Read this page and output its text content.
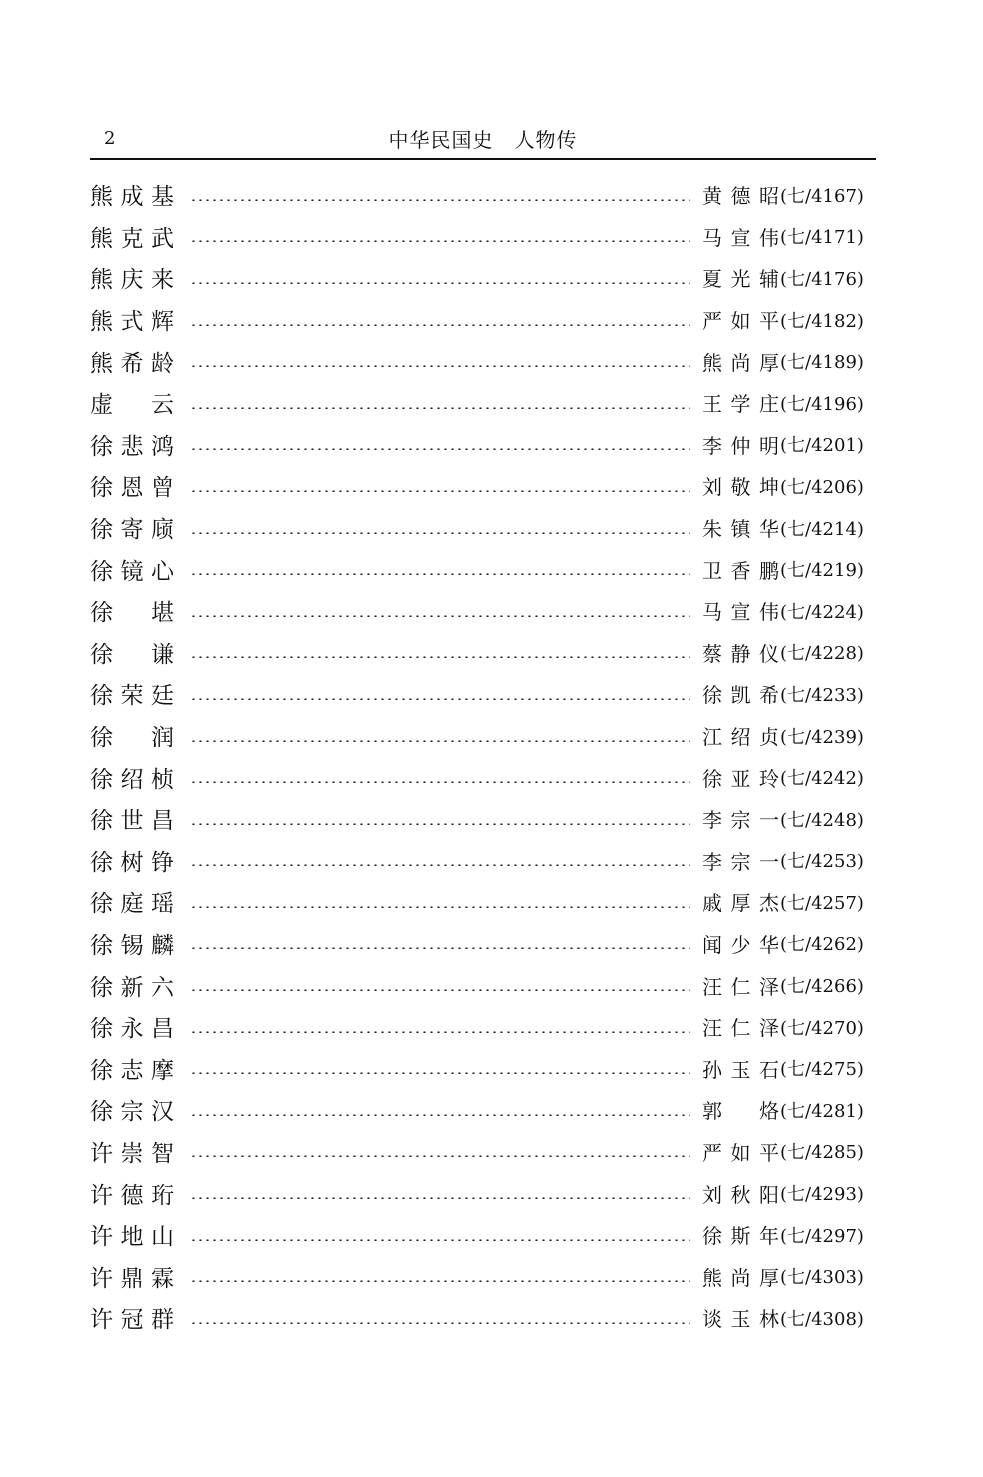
2	中华民国史　人物传
熊成基	黄德昭 (七/4167)
熊克武	马宣伟 (七/4171)
熊庆来	夏光辅 (七/4176)
熊式辉	严如平 (七/4182)
熊希龄	熊尚厚 (七/4189)
虚　云	王学庄 (七/4196)
徐悲鸿	李仲明 (七/4201)
徐恩曾	刘敬坤 (七/4206)
徐寄庼	朱镇华 (七/4214)
徐镜心	卫香鹏 (七/4219)
徐　堪	马宣伟 (七/4224)
徐　谦	蔡静仪 (七/4228)
徐荣廷	徐凯希 (七/4233)
徐　润	江绍贞 (七/4239)
徐绍桢	徐亚玲 (七/4242)
徐世昌	李宗一 (七/4248)
徐树铮	李宗一 (七/4253)
徐庭瑶	戚厚杰 (七/4257)
徐锡麟	闻少华 (七/4262)
徐新六	汪仁泽 (七/4266)
徐永昌	汪仁泽 (七/4270)
徐志摩	孙玉石 (七/4275)
徐宗汉	郭　烙 (七/4281)
许崇智	严如平 (七/4285)
许德珩	刘秋阳 (七/4293)
许地山	徐斯年 (七/4297)
许鼎霖	熊尚厚 (七/4303)
许冠群	谈玉林 (七/4308)
